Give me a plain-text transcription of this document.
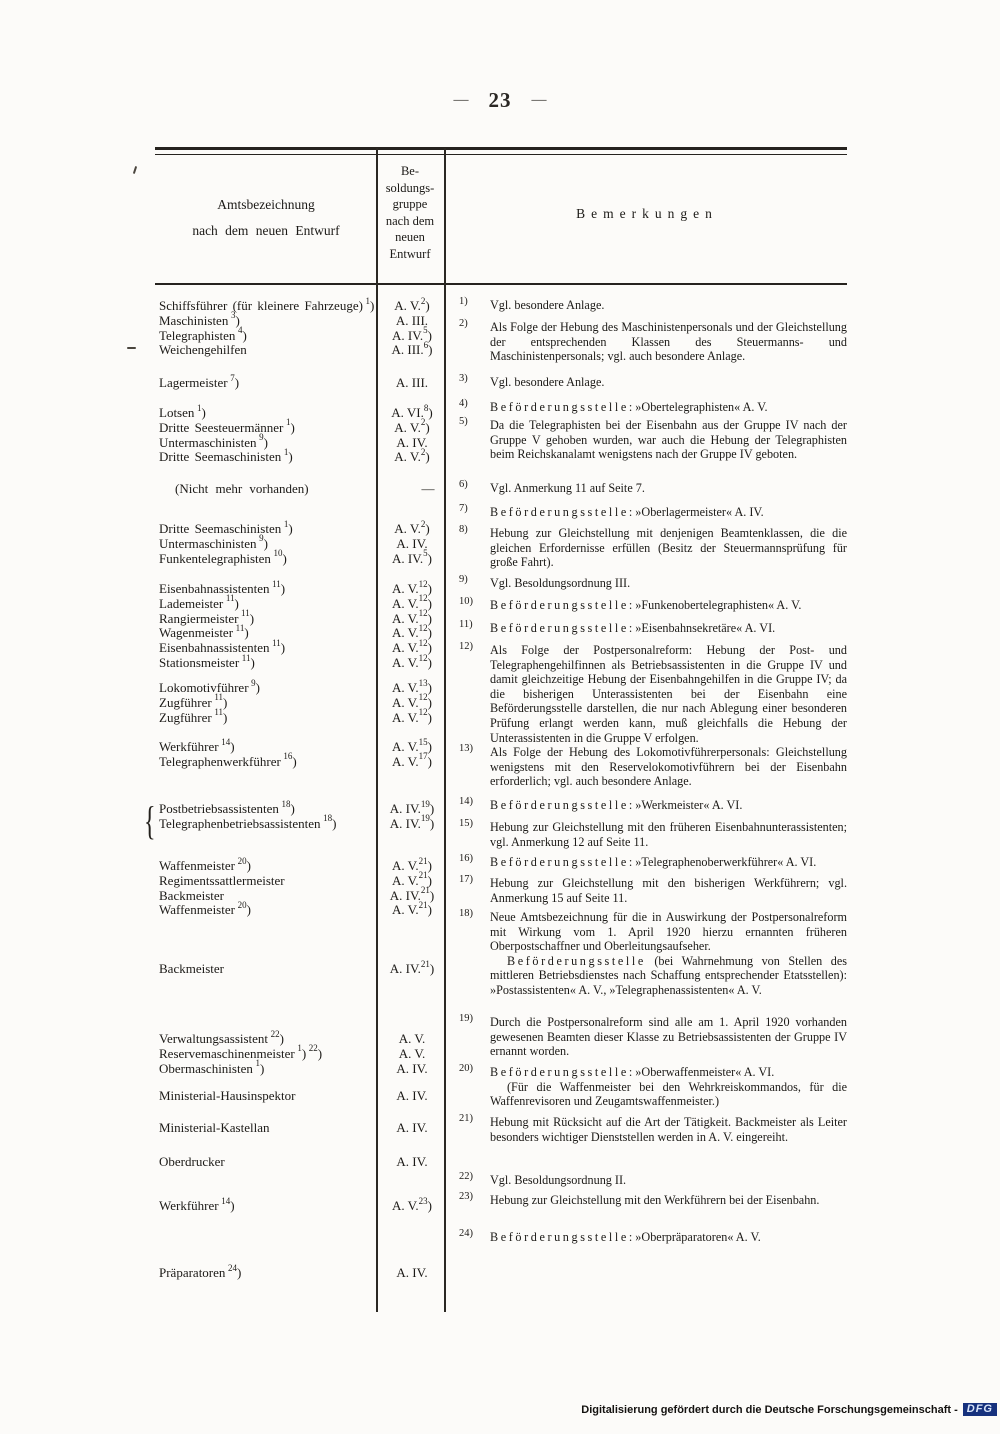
— 23 —
Amtsbezeichnung
nach dem neuen Entwurf
Be-
soldungs-
gruppe
nach dem
neuen
Entwurf
Bemerkungen
Schiffsführer (für kleinere Fahrzeuge)  $^1$)	A. V.$^2$)
Maschinisten  $^3$)	A. III.
Telegraphisten  $^4$)	A. IV.$^5$)
Weichengehilfen	A. III.$^6$)
Lagermeister  $^7$)	A. III.
Lotsen  $^1$)	A. VI.$^8$)
Dritte Seesteuermänner  $^1$)	A. V.$^2$)
Untermaschinisten  $^9$)	A. IV.
Dritte Seemaschinisten  $^1$)	A. V.$^2$)
(Nicht mehr vorhanden)	—
Dritte Seemaschinisten  $^1$)	A. V.$^2$)
Untermaschinisten  $^9$)	A. IV.
Funkentelegraphisten  $^{10}$)	A. IV.$^5$)
Eisenbahnassistenten  $^{11}$)	A. V.$^{12}$)
Lademeister  $^{11}$)	A. V.$^{12}$)
Rangiermeister  $^{11}$)	A. V.$^{12}$)
Wagenmeister  $^{11}$)	A. V.$^{12}$)
Eisenbahnassistenten  $^{11}$)	A. V.$^{12}$)
Stationsmeister  $^{11}$)	A. V.$^{12}$)
Lokomotivführer  $^9$)	A. V.$^{13}$)
Zugführer  $^{11}$)	A. V.$^{12}$)
Zugführer  $^{11}$)	A. V.$^{12}$)
Werkführer  $^{14}$)	A. V.$^{15}$)
Telegraphenwerkführer  $^{16}$)	A. V.$^{17}$)
{ Postbetriebsassistenten  $^{18}$)	A. IV.$^{19}$)
Telegraphenbetriebsassistenten  $^{18}$)	A. IV.$^{19}$)
Waffenmeister  $^{20}$)	A. V.$^{21}$)
Regimentssattlermeister	A. V.$^{21}$)
Backmeister	A. IV.$^{21}$)
Waffenmeister  $^{20}$)	A. V.$^{21}$)
Backmeister	A. IV.$^{21}$)
Verwaltungsassistent  $^{22}$)	A. V.
Reservemaschinenmeister  $^1$)  $^{22}$)	A. V.
Obermaschinisten  $^1$)	A. IV.
Ministerial-Hausinspektor	A. IV.
Ministerial-Kastellan	A. IV.
Oberdrucker	A. IV.
Werkführer  $^{14}$)	A. V.$^{23}$)
Präparatoren  $^{24}$)	A. IV.
1) Vgl. besondere Anlage.

2) Als Folge der Hebung des Maschinistenpersonals und der Gleichstellung der entsprechenden Klassen des Steuermanns- und Maschinistenpersonals; vgl. auch besondere Anlage.

3) Vgl. besondere Anlage.

4) Beförderungsstelle: »Obertelegraphisten« A. V.

5) Da die Telegraphisten bei der Eisenbahn aus der Gruppe IV nach der Gruppe V gehoben wurden, war auch die Hebung der Telegraphisten beim Reichskanalamt wenigstens nach der Gruppe IV geboten.

6) Vgl. Anmerkung 11 auf Seite 7.

7) Beförderungsstelle: »Oberlagermeister« A. IV.

8) Hebung zur Gleichstellung mit denjenigen Beamtenklassen, die die gleichen Erfordernisse erfüllen (Besitz der Steuermannsprüfung für große Fahrt).

9) Vgl. Besoldungsordnung III.

10) Beförderungsstelle: »Funkenobertelegraphisten« A. V.

11) Beförderungsstelle: »Eisenbahnsekretäre« A. VI.

12) Als Folge der Postpersonalreform: Hebung der Post- und Telegraphengehilfinnen als Betriebsassistenten in die Gruppe IV und damit gleichzeitige Hebung der Eisenbahngehilfen in die Gruppe IV; da die bisherigen Unterassistenten bei der Eisenbahn eine Beförderungsstelle darstellen, die nur nach Ablegung einer besonderen Prüfung erlangt werden kann, muß gleichfalls die Hebung der Unterassistenten in die Gruppe V erfolgen.

13) Als Folge der Hebung des Lokomotivführerpersonals: Gleichstellung wenigstens mit den Reservelokomotivführern bei der Eisenbahn erforderlich; vgl. auch besondere Anlage.

14) Beförderungsstelle: »Werkmeister« A. VI.

15) Hebung zur Gleichstellung mit den früheren Eisenbahnunterassistenten; vgl. Anmerkung 12 auf Seite 11.

16) Beförderungsstelle: »Telegraphenoberwerkführer« A. VI.

17) Hebung zur Gleichstellung mit den bisherigen Werkführern; vgl. Anmerkung 15 auf Seite 11.

18) Neue Amtsbezeichnung für die in Auswirkung der Postpersonalreform mit Wirkung vom 1. April 1920 hierzu ernannten früheren Oberpostschaffner und Oberleitungsaufseher.

Beförderungsstelle (bei Wahrnehmung von Stellen des mittleren Betriebsdienstes nach Schaffung entsprechender Etatsstellen): »Postassistenten« A. V., »Telegraphenassistenten« A. V.

19) Durch die Postpersonalreform sind alle am 1. April 1920 vorhanden gewesenen Beamten dieser Klasse zu Betriebsassistenten der Gruppe IV ernannt worden.

20) Beförderungsstelle: »Oberwaffenmeister« A. VI.

(Für die Waffenmeister bei den Wehrkreiskommandos, für die Waffenrevisoren und Zeugamtswaffenmeister.)

21) Hebung mit Rücksicht auf die Art der Tätigkeit. Backmeister als Leiter besonders wichtiger Dienststellen werden in A. V. eingereiht.

22) Vgl. Besoldungsordnung II.

23) Hebung zur Gleichstellung mit den Werkführern bei der Eisenbahn.

24) Beförderungsstelle: »Oberpräparatoren« A. V.

Digitalisierung gefördert durch die Deutsche Forschungsgemeinschaft - DFG
